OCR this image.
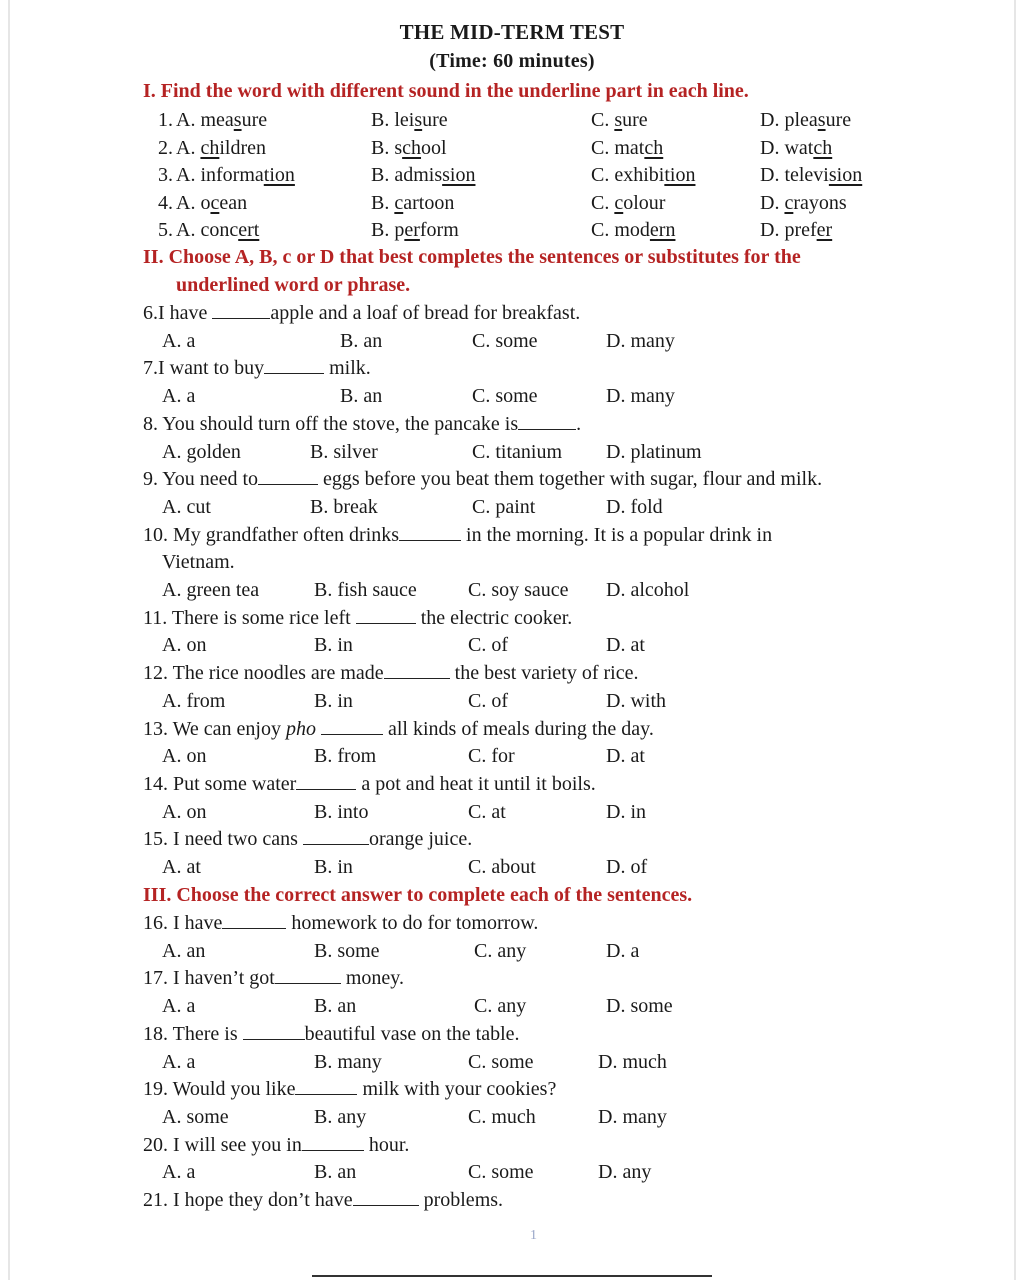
THE MID-TERM TEST
(Time: 60 minutes)
I. Find the word with different sound in the underline part in each line.
1. A. measure	B. leisure	C. sure	D. pleasure
2. A. children	B. school	C. match	D. watch
3. A. information	B. admission	C. exhibition	D. television
4. A. ocean	B. cartoon	C. colour	D. crayons
5. A. concert	B. perform	C. modern	D. prefer
II. Choose A, B, c or D that best completes the sentences or substitutes for the
underlined word or phrase.
6.I have	apple and a loaf of bread for breakfast.
A. a	B. an	C. some	D. many
7.I want to buy	milk.
A. a	B. an	C. some	D. many
8. You should turn off the stove, the pancake is	.
A. golden	B. silver	C. titanium D. platinum
9. You need to	eggs before you beat them together with sugar, flour and milk.
A. cut	B. break	C. paint	D. fold
10. My grandfather often drinks	in the morning. It is a popular drink in
Vietnam.
A. green tea	B. fish sauce	C. soy sauce D. alcohol
11. There is some rice left	the electric cooker.
A. on	B. in	C. of	D. at
12. The rice noodles are made	the best variety of rice.
A. from	B. in	C. of	D. with
13. We can enjoy pho	all kinds of meals during the day.
A. on	B. from	C. for	D. at
14. Put some water	a pot and heat it until it boils.
A. on	B. into	C. at	D. in
15. I need two cans	orange juice.
A. at	B. in	C. about	D. of
III. Choose the correct answer to complete each of the sentences.
16. I have	homework to do for tomorrow.
A. an	B. some	C. any	D. a
17. I haven’t got	money.
A. a	B. an	C. any	D. some
18. There is	beautiful vase on the table.
A. a	B. many	C. some	D. much
19. Would you like	milk with your cookies?
A. some	B. any	C. much	D. many
20. I will see you in	hour.
A. a	B. an	C. some	D. any
21. I hope they don’t have	problems.
1
